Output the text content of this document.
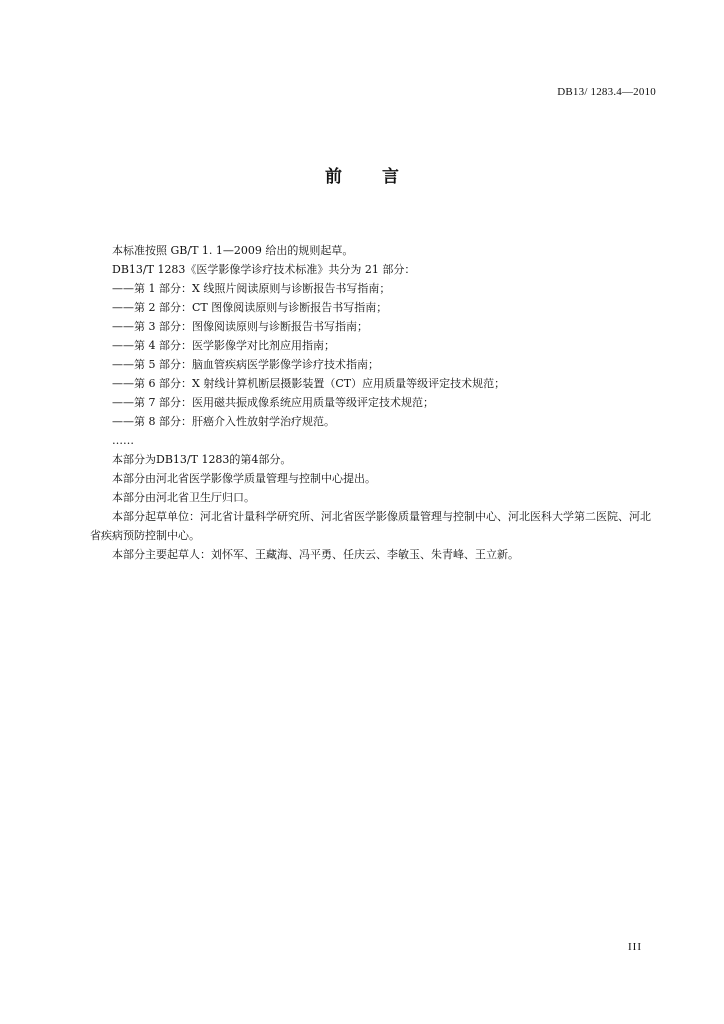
DB13/ 1283.4—2010
前 言

本标准按照 GB/T 1. 1—2009 给出的规则起草。

DB13/T 1283《医学影像学诊疗技术标准》共分为 21 部分：

——第 1 部分：X 线照片阅读原则与诊断报告书写指南；

——第 2 部分：CT 图像阅读原则与诊断报告书写指南；

——第 3 部分：图像阅读原则与诊断报告书写指南；

——第 4 部分：医学影像学对比剂应用指南；

——第 5 部分：脑血管疾病医学影像学诊疗技术指南；

——第 6 部分：X 射线计算机断层摄影装置（CT）应用质量等级评定技术规范；

——第 7 部分：医用磁共振成像系统应用质量等级评定技术规范；

——第 8 部分：肝癌介入性放射学治疗规范。

……

本部分为DB13/T 1283的第4部分。

本部分由河北省医学影像学质量管理与控制中心提出。

本部分由河北省卫生厅归口。

本部分起草单位：河北省计量科学研究所、河北省医学影像质量管理与控制中心、河北医科大学第二医院、河北省疾病预防控制中心。

本部分主要起草人：刘怀军、王藏海、冯平勇、任庆云、李敏玉、朱青峰、王立新。

III
